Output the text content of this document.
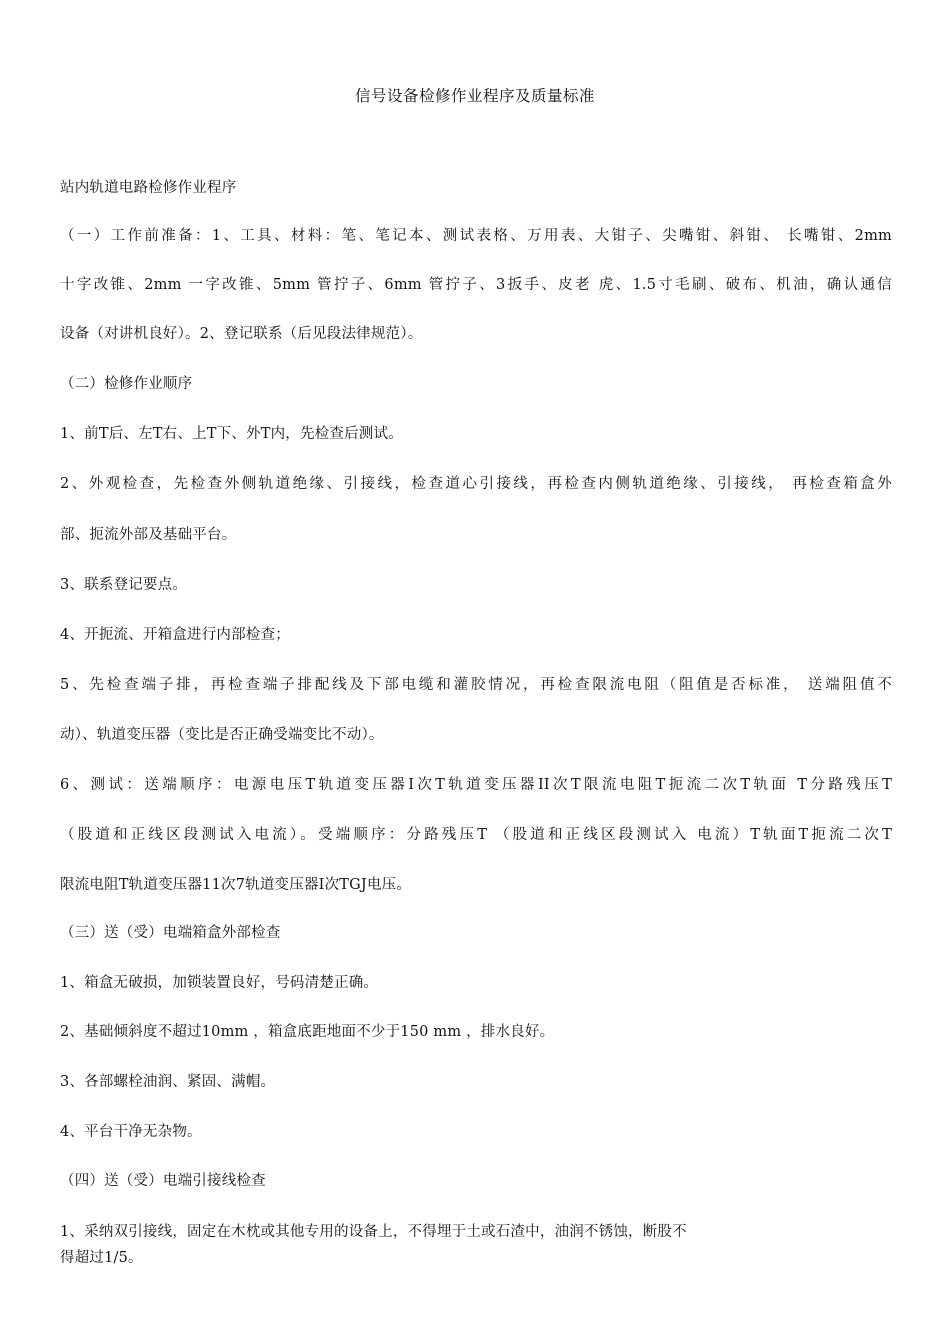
信号设备检修作业程序及质量标准
站内轨道电路检修作业程序
（一）工作前准备：1、工具、材料：笔、笔记本、测试表格、万用表、大钳子、尖嘴钳、斜钳、 长嘴钳、2mm
十字改锥、2mm 一字改锥、5mm 管拧子、6mm 管拧子、3扳手、皮老 虎、1.5寸毛刷、破布、机油，确认通信
设备（对讲机良好）。2、登记联系（后见段法律规范）。
（二）检修作业顺序
1、前T后、左T右、上T下、外T内，先检查后测试。
2、外观检查，先检查外侧轨道绝缘、引接线，检查道心引接线，再检查内侧轨道绝缘、引接线， 再检查箱盒外
部、扼流外部及基础平台。
3、联系登记要点。
4、开扼流、开箱盒进行内部检查；
5、先检查端子排，再检查端子排配线及下部电缆和灌胶情况，再检查限流电阻（阻值是否标准， 送端阻值不
动）、轨道变压器（变比是否正确受端变比不动）。
6、测试：送端顺序：电源电压T轨道变压器I次T轨道变压器II次T限流电阻T扼流二次T轨面 T分路残压T
（股道和正线区段测试入电流）。受端顺序：分路残压T （股道和正线区段测试入 电流）T轨面T扼流二次T
限流电阻T轨道变压器11次7轨道变压器I次TGJ电压。
（三）送（受）电端箱盒外部检查
1、箱盒无破损，加锁装置良好，号码清楚正确。
2、基础倾斜度不超过10mm ，箱盒底距地面不少于150 mm ，排水良好。
3、各部螺栓油润、紧固、满帽。
4、平台干净无杂物。
（四）送（受）电端引接线检查
1、采纳双引接线，固定在木枕或其他专用的设备上，不得埋于土或石渣中，油润不锈蚀，断股不
得超过1/5。
